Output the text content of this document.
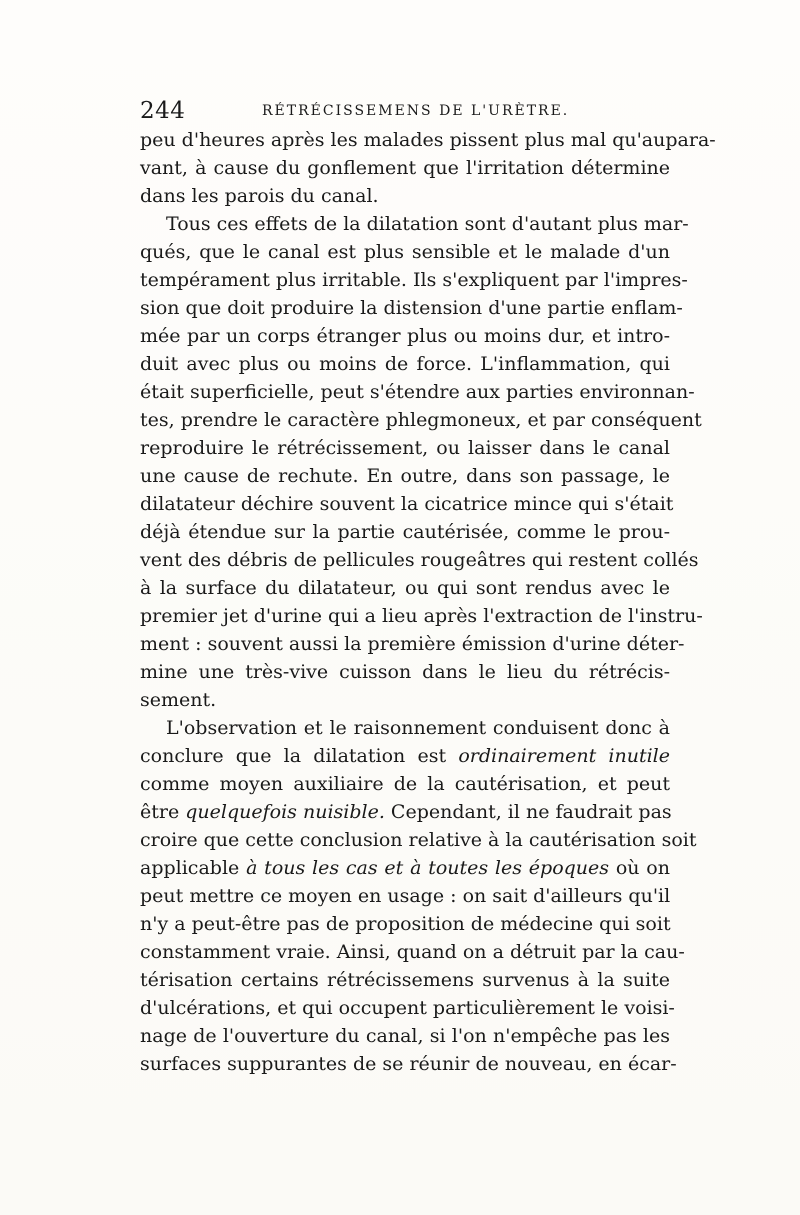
244	RÉTRÉCISSEMENS DE L'URÈTRE.
peu d'heures après les malades pissent plus mal qu'aupara-
vant, à cause du gonflement que l'irritation détermine
dans les parois du canal.
Tous ces effets de la dilatation sont d'autant plus mar-
qués, que le canal est plus sensible et le malade d'un
tempérament plus irritable. Ils s'expliquent par l'impres-
sion que doit produire la distension d'une partie enflam-
mée par un corps étranger plus ou moins dur, et intro-
duit avec plus ou moins de force. L'inflammation, qui
était superficielle, peut s'étendre aux parties environnan-
tes, prendre le caractère phlegmoneux, et par conséquent
reproduire le rétrécissement, ou laisser dans le canal
une cause de rechute. En outre, dans son passage, le
dilatateur déchire souvent la cicatrice mince qui s'était
déjà étendue sur la partie cautérisée, comme le prou-
vent des débris de pellicules rougeâtres qui restent collés
à la surface du dilatateur, ou qui sont rendus avec le
premier jet d'urine qui a lieu après l'extraction de l'instru-
ment : souvent aussi la première émission d'urine déter-
mine une très-vive cuisson dans le lieu du rétrécis-
sement.
L'observation et le raisonnement conduisent donc à
conclure que la dilatation est ordinairement inutile
comme moyen auxiliaire de la cautérisation, et peut
être quelquefois nuisible. Cependant, il ne faudrait pas
croire que cette conclusion relative à la cautérisation soit
applicable à tous les cas et à toutes les époques où on
peut mettre ce moyen en usage : on sait d'ailleurs qu'il
n'y a peut-être pas de proposition de médecine qui soit
constamment vraie. Ainsi, quand on a détruit par la cau-
térisation certains rétrécissemens survenus à la suite
d'ulcérations, et qui occupent particulièrement le voisi-
nage de l'ouverture du canal, si l'on n'empêche pas les
surfaces suppurantes de se réunir de nouveau, en écar-
